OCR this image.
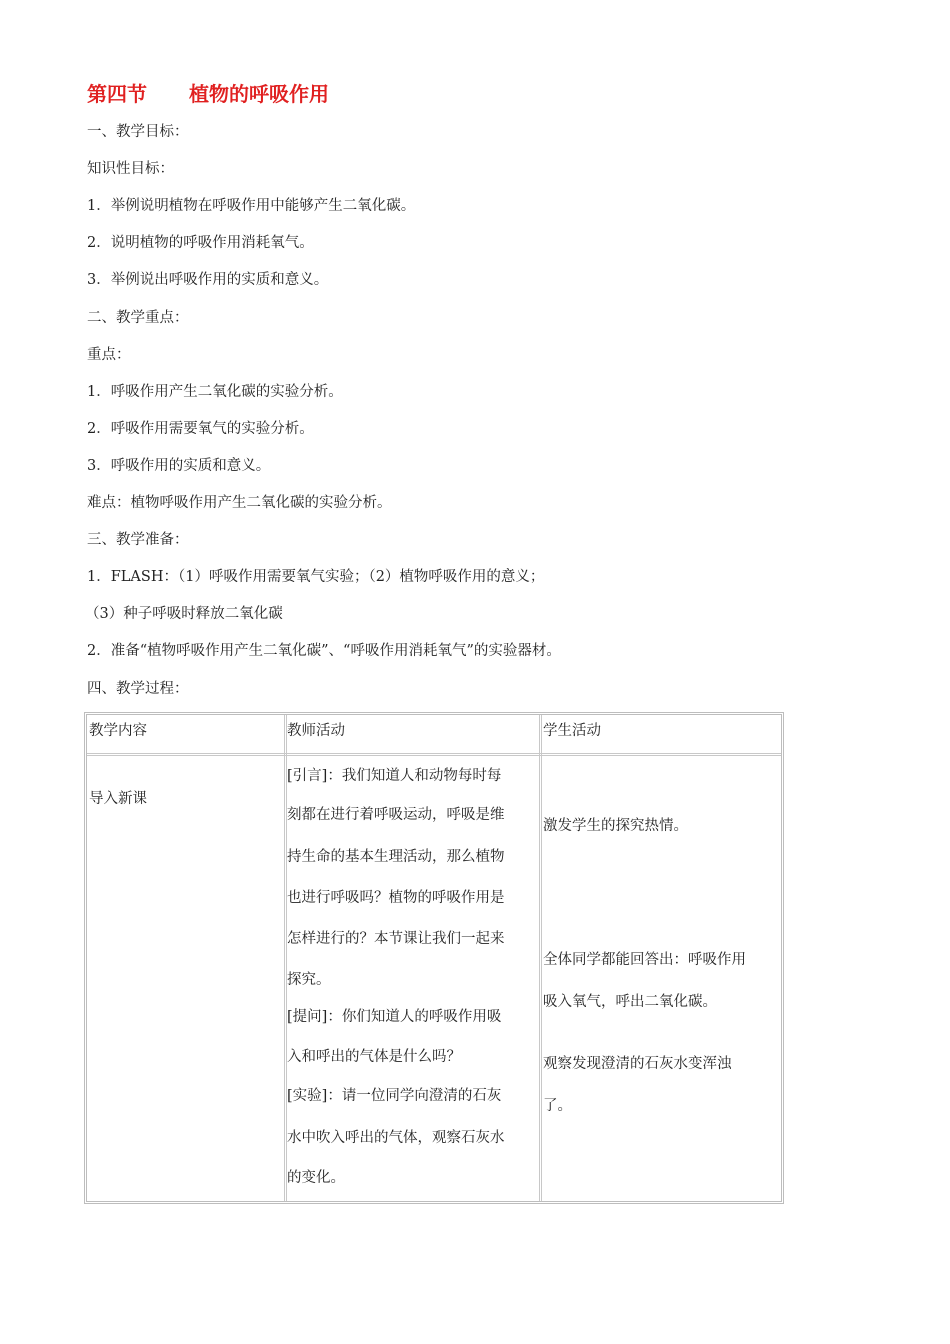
第四节 植物的呼吸作用
一、教学目标：
知识性目标：
1．举例说明植物在呼吸作用中能够产生二氧化碳。
2．说明植物的呼吸作用消耗氧气。
3．举例说出呼吸作用的实质和意义。
二、教学重点：
重点：
1．呼吸作用产生二氧化碳的实验分析。
2．呼吸作用需要氧气的实验分析。
3．呼吸作用的实质和意义。
难点：植物呼吸作用产生二氧化碳的实验分析。
三、教学准备：
1．FLASH：（1）呼吸作用需要氧气实验；（2）植物呼吸作用的意义；
（3）种子呼吸时释放二氧化碳
2．准备“植物呼吸作用产生二氧化碳”、“呼吸作用消耗氧气”的实验器材。
四、教学过程：
教学内容	教师活动	学生活动
导入新课
[引言]：我们知道人和动物每时每
刻都在进行着呼吸运动，呼吸是维
持生命的基本生理活动，那么植物
也进行呼吸吗？植物的呼吸作用是
怎样进行的？本节课让我们一起来
探究。
[提问]：你们知道人的呼吸作用吸
入和呼出的气体是什么吗？
[实验]：请一位同学向澄清的石灰
水中吹入呼出的气体，观察石灰水
的变化。
激发学生的探究热情。
全体同学都能回答出：呼吸作用
吸入氧气，呼出二氧化碳。
观察发现澄清的石灰水变浑浊
了。
